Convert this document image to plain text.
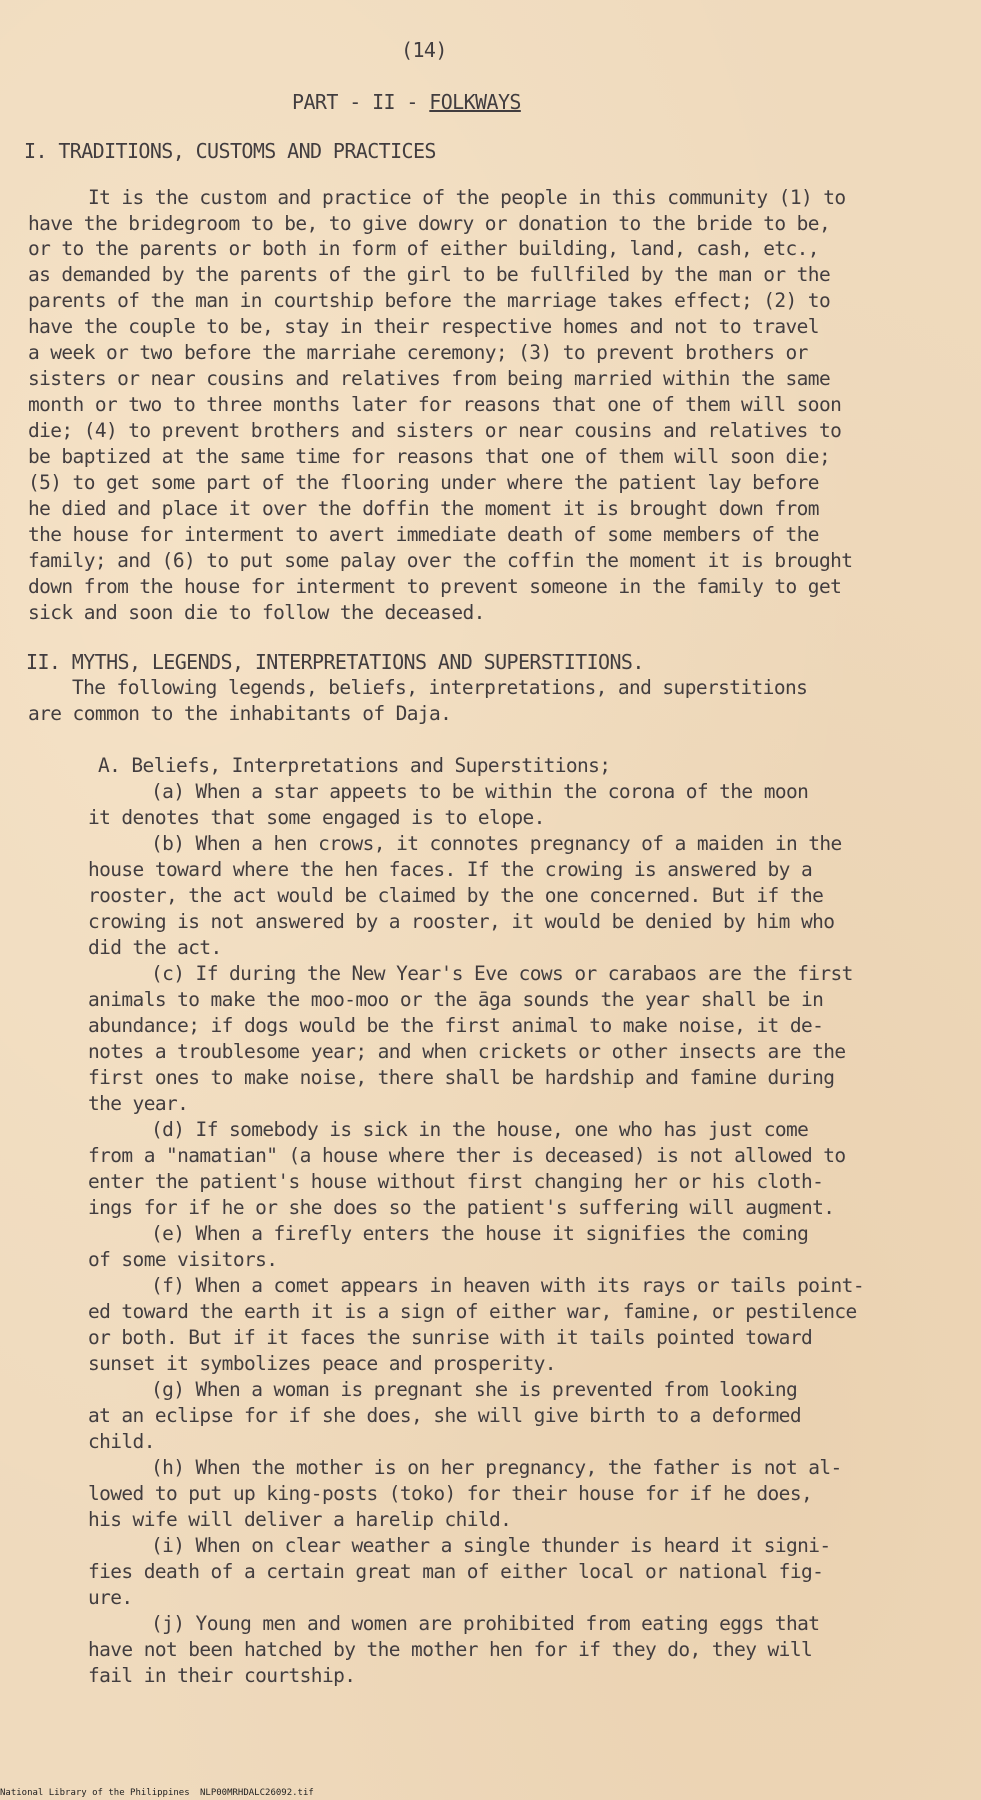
(14)
PART - II - FOLKWAYS
I. TRADITIONS, CUSTOMS AND PRACTICES
It is the custom and practice of the people in this community (1) to
have the bridegroom to be, to give dowry or donation to the bride to be,
or to the parents or both in form of either building, land, cash, etc.,
as demanded by the parents of the girl to be fullfiled by the man or the
parents of the man in courtship before the marriage takes effect; (2) to
have the couple to be, stay in their respective homes and not to travel
a week or two before the marriahe ceremony; (3) to prevent brothers or
sisters or near cousins and relatives from being married within the same
month or two to three months later for reasons that one of them will soon
die; (4) to prevent brothers and sisters or near cousins and relatives to
be baptized at the same time for reasons that one of them will soon die;
(5) to get some part of the flooring under where the patient lay before
he died and place it over the doffin the moment it is brought down from
the house for interment to avert immediate death of some members of the
family; and (6) to put some palay over the coffin the moment it is brought
down from the house for interment to prevent someone in the family to get
sick and soon die to follow the deceased.
II. MYTHS, LEGENDS, INTERPRETATIONS AND SUPERSTITIONS.
The following legends, beliefs, interpretations, and superstitions
are common to the inhabitants of Daja.
A. Beliefs, Interpretations and Superstitions;
(a) When a star appeets to be within the corona of the moon
it denotes that some engaged is to elope.
(b) When a hen crows, it connotes pregnancy of a maiden in the
house toward where the hen faces. If the crowing is answered by a
rooster, the act would be claimed by the one concerned. But if the
crowing is not answered by a rooster, it would be denied by him who
did the act.
(c) If during the New Year's Eve cows or carabaos are the first
animals to make the moo-moo or the āga sounds the year shall be in
abundance; if dogs would be the first animal to make noise, it de-
notes a troublesome year; and when crickets or other insects are the
first ones to make noise, there shall be hardship and famine during
the year.
(d) If somebody is sick in the house, one who has just come
from a "namatian" (a house where ther is deceased) is not allowed to
enter the patient's house without first changing her or his cloth-
ings for if he or she does so the patient's suffering will augment.
(e) When a firefly enters the house it signifies the coming
of some visitors.
(f) When a comet appears in heaven with its rays or tails point-
ed toward the earth it is a sign of either war, famine, or pestilence
or both. But if it faces the sunrise with it tails pointed toward
sunset it symbolizes peace and prosperity.
(g) When a woman is pregnant she is prevented from looking
at an eclipse for if she does, she will give birth to a deformed
child.
(h) When the mother is on her pregnancy, the father is not al-
lowed to put up king-posts (toko) for their house for if he does,
his wife will deliver a harelip child.
(i) When on clear weather a single thunder is heard it signi-
fies death of a certain great man of either local or national fig-
ure.
(j) Young men and women are prohibited from eating eggs that
have not been hatched by the mother hen for if they do, they will
fail in their courtship.
National Library of the Philippines NLP00MRHDALC26092.tif
